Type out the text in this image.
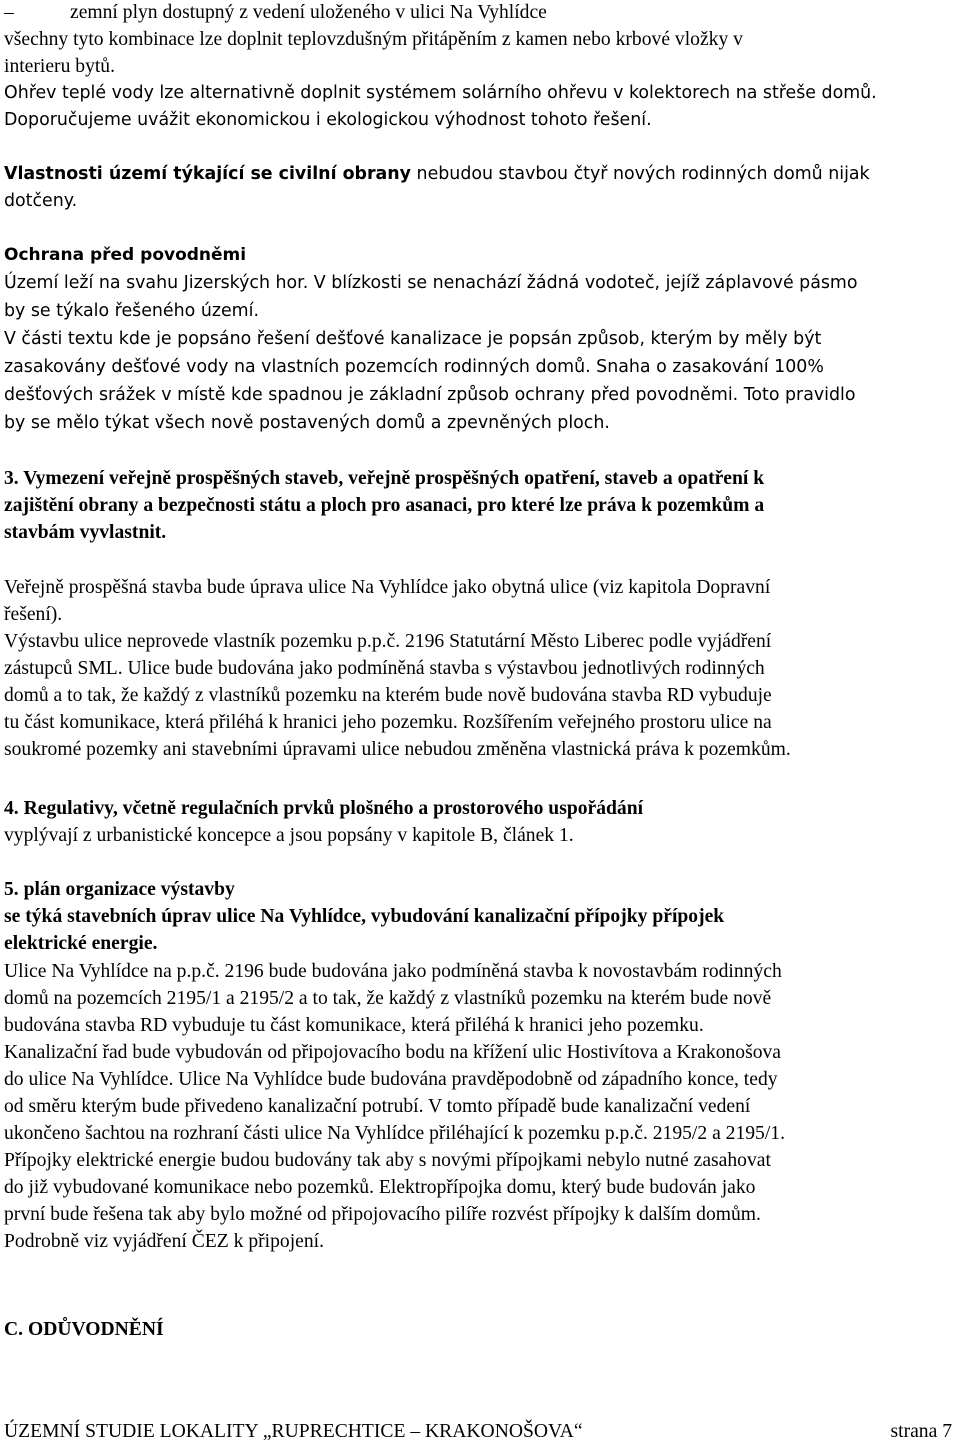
–	zemní plyn dostupný z vedení uloženého v ulici Na Vyhlídce
všechny tyto kombinace lze doplnit teplovzdušným přitápěním z kamen nebo krbové vložky v
interieru bytů.
Ohřev teplé vody lze alternativně doplnit systémem solárního ohřevu v kolektorech na střeše domů.
Doporučujeme uvážit ekonomickou i ekologickou výhodnost tohoto řešení.
Vlastnosti území týkající se civilní obrany nebudou stavbou čtyř nových rodinných domů nijak
dotčeny.
Ochrana před povodněmi
Území leží na svahu Jizerských hor. V blízkosti se nenachází žádná vodoteč, jejíž záplavové pásmo
by se týkalo řešeného území.
V části textu kde je popsáno řešení dešťové kanalizace je popsán způsob, kterým by měly být
zasakovány dešťové vody na vlastních pozemcích rodinných domů. Snaha o zasakování 100%
dešťových srážek v místě kde spadnou je základní způsob ochrany před povodněmi. Toto pravidlo
by se mělo týkat všech nově postavených domů a zpevněných ploch.
3. Vymezení veřejně prospěšných staveb, veřejně prospěšných opatření, staveb a opatření k
zajištění obrany a bezpečnosti státu a ploch pro asanaci, pro které lze práva k pozemkům a
stavbám vyvlastnit.
Veřejně prospěšná stavba bude úprava ulice Na Vyhlídce jako obytná ulice (viz kapitola Dopravní
řešení).
Výstavbu ulice neprovede vlastník pozemku p.p.č. 2196 Statutární Město Liberec podle vyjádření
zástupců SML. Ulice bude budována jako podmíněná stavba s výstavbou jednotlivých rodinných
domů a to tak, že každý z vlastníků pozemku na kterém bude nově budována stavba RD vybuduje
tu část komunikace, která přiléhá k hranici jeho pozemku. Rozšířením veřejného prostoru ulice na
soukromé pozemky ani stavebními úpravami ulice nebudou změněna vlastnická práva k pozemkům.
4. Regulativy, včetně regulačních prvků plošného a prostorového uspořádání
vyplývají z urbanistické koncepce a jsou popsány v kapitole B, článek 1.
5. plán organizace výstavby
se týká stavebních úprav ulice Na Vyhlídce, vybudování kanalizační přípojky přípojek
elektrické energie.
Ulice Na Vyhlídce na p.p.č. 2196 bude budována jako podmíněná stavba k novostavbám rodinných
domů na pozemcích 2195/1 a 2195/2 a to tak, že každý z vlastníků pozemku na kterém bude nově
budována stavba RD vybuduje tu část komunikace, která přiléhá k hranici jeho pozemku.
Kanalizační řad bude vybudován od připojovacího bodu na křížení ulic Hostivítova a Krakonošova
do ulice Na Vyhlídce. Ulice Na Vyhlídce bude budována pravděpodobně od západního konce, tedy
od směru kterým bude přivedeno kanalizační potrubí. V tomto případě bude kanalizační vedení
ukončeno šachtou na rozhraní části ulice Na Vyhlídce přiléhající k pozemku p.p.č. 2195/2 a 2195/1.
Přípojky elektrické energie budou budovány tak aby s novými přípojkami nebylo nutné zasahovat
do již vybudované komunikace nebo pozemků. Elektropřípojka domu, který bude budován jako
první bude řešena tak aby bylo možné od připojovacího pilíře rozvést přípojky k dalším domům.
Podrobně viz vyjádření ČEZ k připojení.
C. ODŮVODNĚNÍ
ÚZEMNÍ STUDIE LOKALITY „RUPRECHTICE – KRAKONOŠOVA“	strana 7
